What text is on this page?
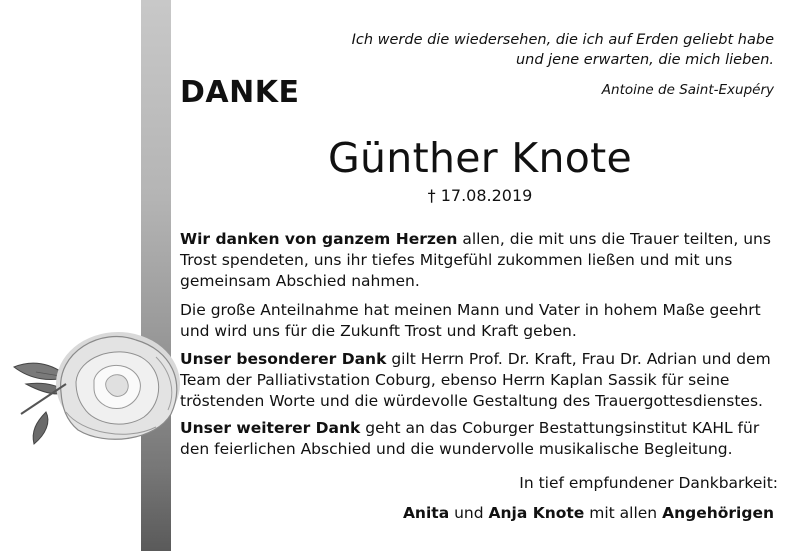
Ich werde die wiedersehen, die ich auf Erden geliebt habe
und jene erwarten, die mich lieben.
Antoine de Saint-Exupéry
DANKE
Günther Knote
† 17.08.2019
Wir danken von ganzem Herzen allen, die mit uns die Trauer teilten, uns
Trost spendeten, uns ihr tiefes Mitgefühl zukommen ließen und mit uns
gemeinsam Abschied nahmen.
Die große Anteilnahme hat meinen Mann und Vater in hohem Maße geehrt
und wird uns für die Zukunft Trost und Kraft geben.
Unser besonderer Dank gilt Herrn Prof. Dr. Kraft, Frau Dr. Adrian und dem
Team der Palliativstation Coburg, ebenso Herrn Kaplan Sassik für seine
tröstenden Worte und die würdevolle Gestaltung des Trauergottesdienstes.
Unser weiterer Dank geht an das Coburger Bestattungsinstitut KAHL für
den feierlichen Abschied und die wundervolle musikalische Begleitung.
In tief empfundener Dankbarkeit:
Anita und Anja Knote mit allen Angehörigen
